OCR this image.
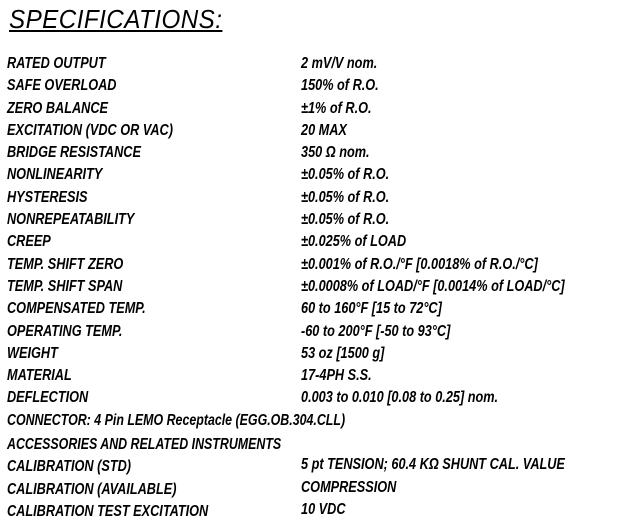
SPECIFICATIONS:
RATED OUTPUT	2 mV/V nom.
SAFE OVERLOAD	150% of R.O.
ZERO BALANCE	±1% of R.O.
EXCITATION (VDC OR VAC)	20 MAX
BRIDGE RESISTANCE	350 Ω nom.
NONLINEARITY	±0.05% of R.O.
HYSTERESIS	±0.05% of R.O.
NONREPEATABILITY	±0.05% of R.O.
CREEP	±0.025% of LOAD
TEMP. SHIFT ZERO	±0.001% of R.O./°F [0.0018% of R.O./°C]
TEMP. SHIFT SPAN	±0.0008% of LOAD/°F [0.0014% of LOAD/°C]
COMPENSATED TEMP.	60 to 160°F [15 to 72°C]
OPERATING TEMP.	-60 to 200°F [-50 to 93°C]
WEIGHT	53 oz [1500 g]
MATERIAL	17-4PH S.S.
DEFLECTION	0.003 to 0.010 [0.08 to 0.25] nom.
CONNECTOR: 4 Pin LEMO Receptacle (EGG.OB.304.CLL)
ACCESSORIES AND RELATED INSTRUMENTS
CALIBRATION (STD)	5 pt TENSION; 60.4 KΩ SHUNT CAL. VALUE
CALIBRATION (AVAILABLE)	COMPRESSION
CALIBRATION TEST EXCITATION	10 VDC
